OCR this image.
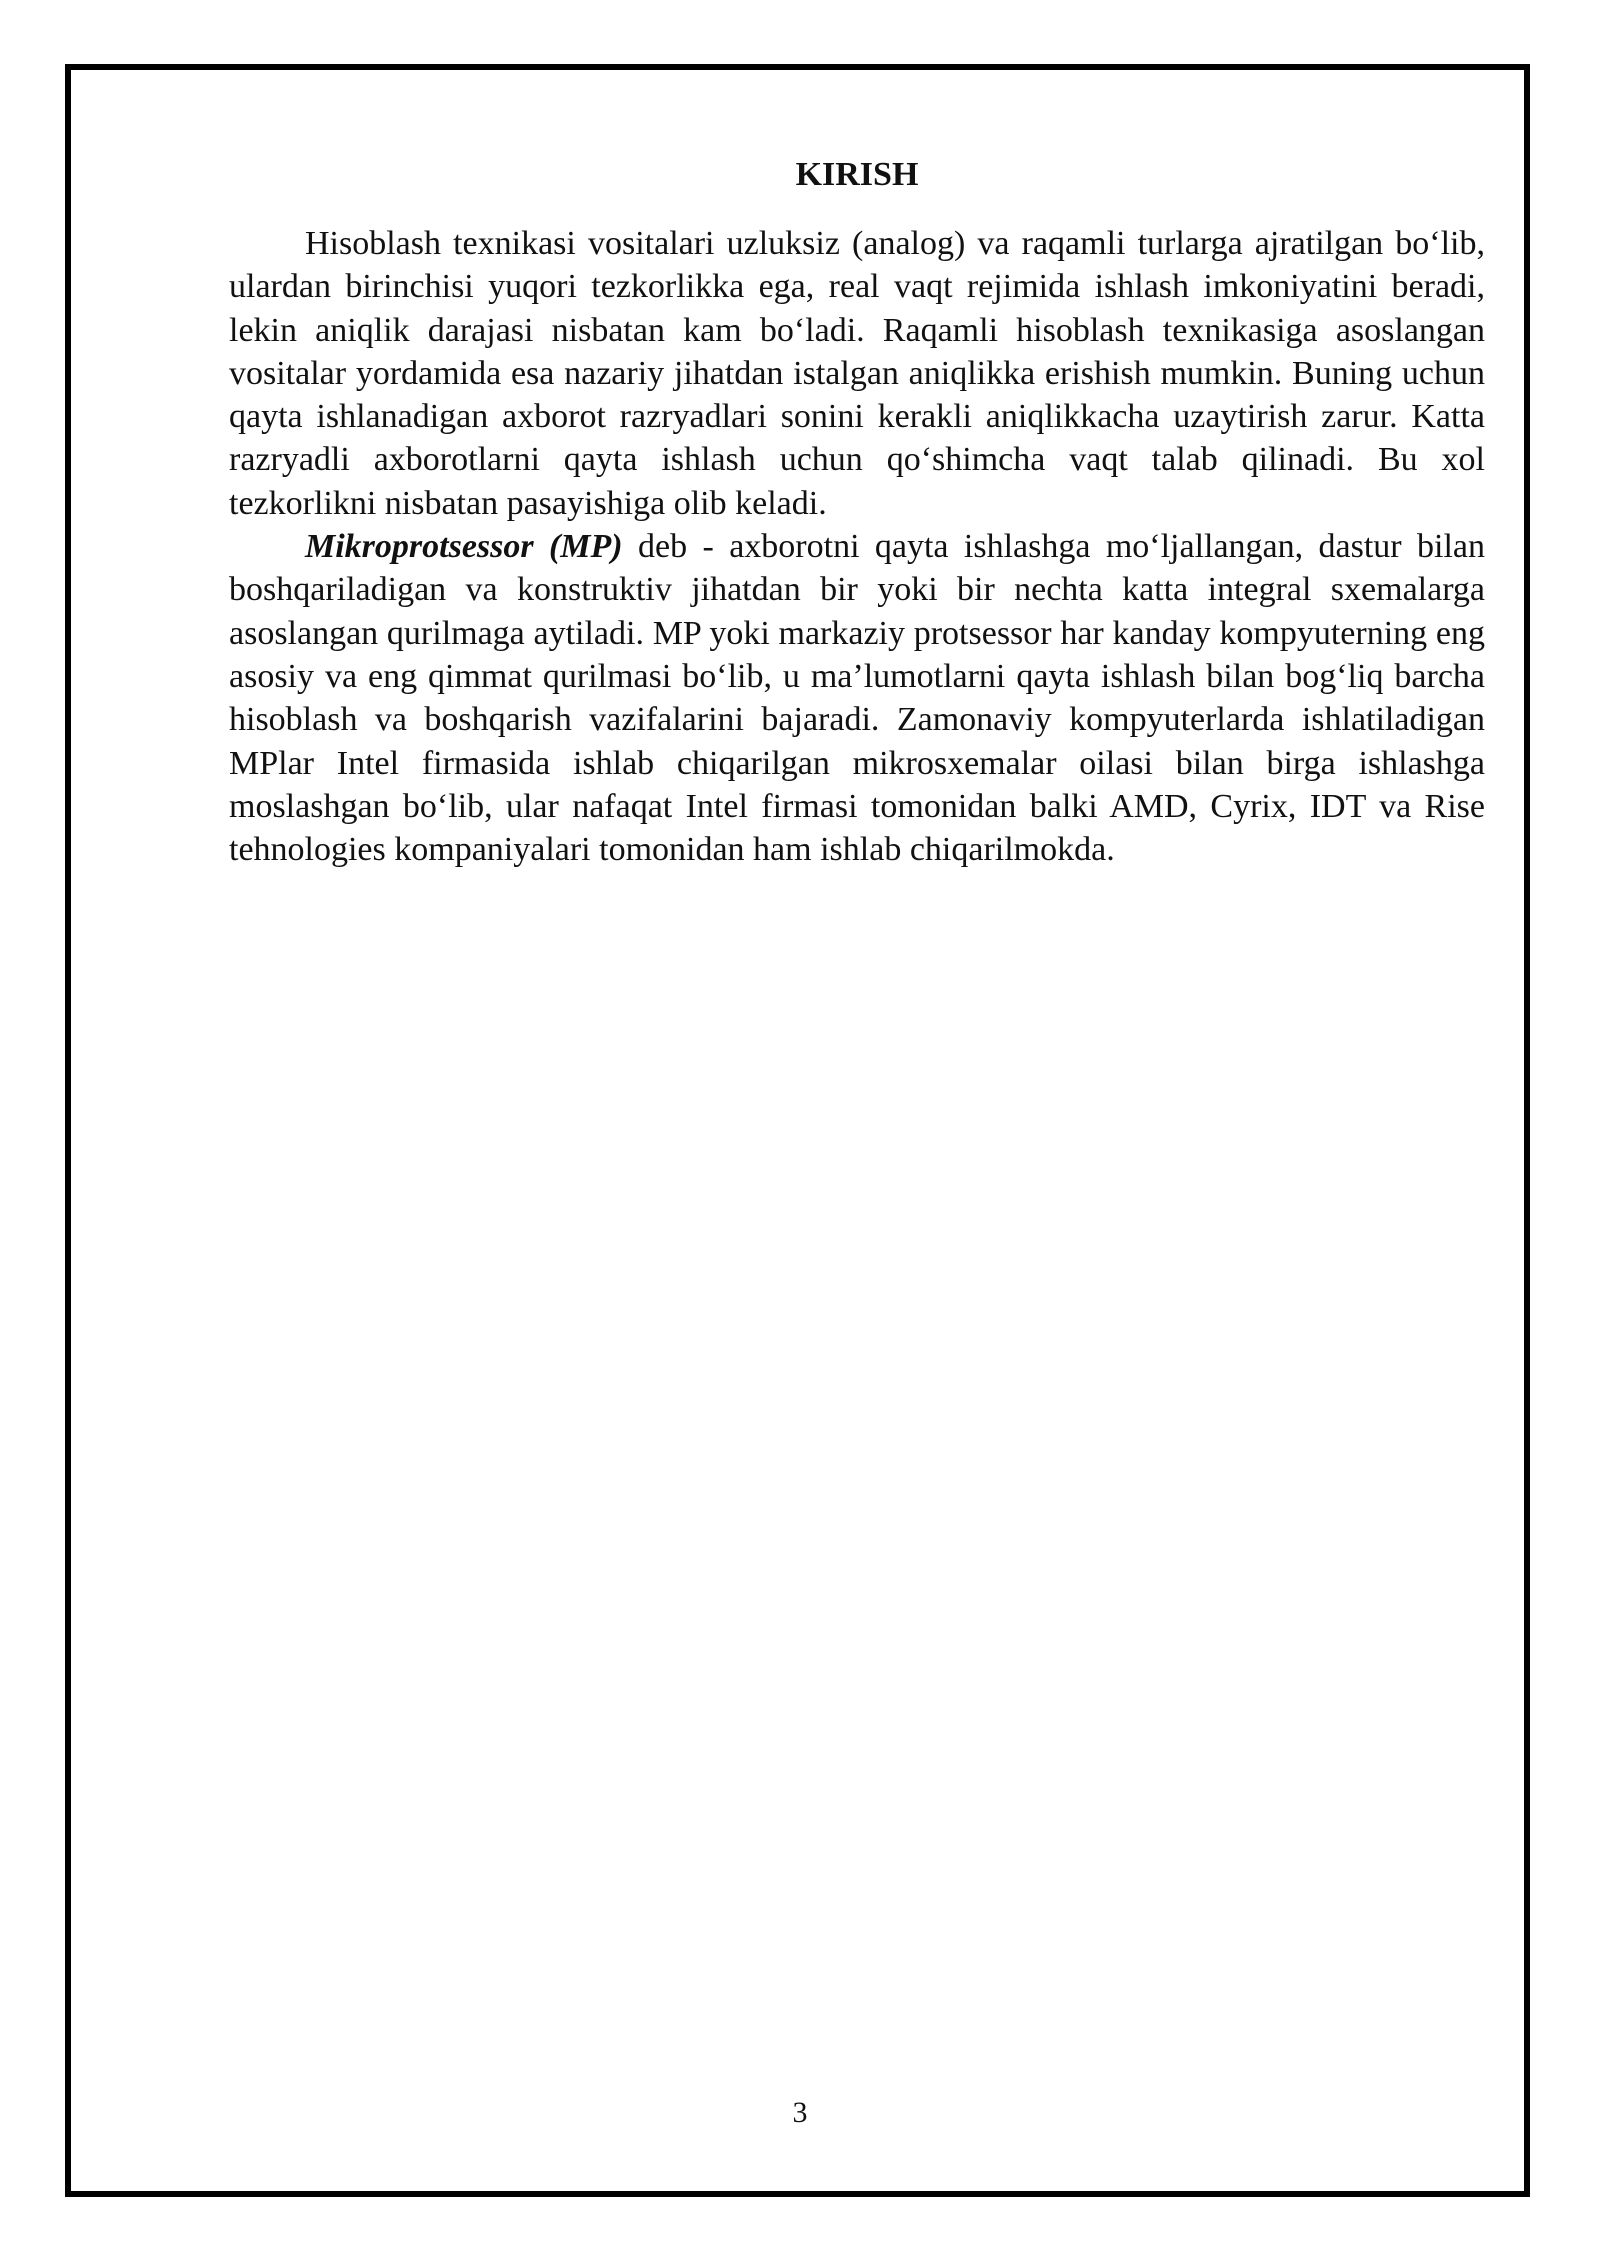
KIRISH

Hisoblash texnikasi vositalari uzluksiz (analog) va raqamli turlarga ajratilgan bo‘lib, ulardan birinchisi yuqori tezkorlikka ega, real vaqt rejimida ishlash imkoniyatini beradi, lekin aniqlik darajasi nisbatan kam bo‘ladi. Raqamli hisoblash texnikasiga asoslangan vositalar yordamida esa nazariy jihatdan istalgan aniqlikka erishish mumkin. Buning uchun qayta ishlanadigan axborot razryadlari sonini kerakli aniqlikkacha uzaytirish zarur. Katta razryadli axborotlarni qayta ishlash uchun qo‘shimcha vaqt talab qilinadi. Bu xol tezkorlikni nisbatan pasayishiga olib keladi.

Mikroprotsessor (MP) deb - axborotni qayta ishlashga mo‘ljallangan, dastur bilan boshqariladigan va konstruktiv jihatdan bir yoki bir nechta katta integral sxemalarga asoslangan qurilmaga aytiladi. MP yoki markaziy protsessor har kanday kompyuterning eng asosiy va eng qimmat qurilmasi bo‘lib, u ma’lumotlarni qayta ishlash bilan bog‘liq barcha hisoblash va boshqarish vazifalarini bajaradi. Zamonaviy kompyuterlarda ishlatiladigan MPlar Intel firmasida ishlab chiqarilgan mikrosxemalar oilasi bilan birga ishlashga moslashgan bo‘lib, ular nafaqat Intel firmasi tomonidan balki AMD, Cyrix, IDT va Rise tehnologies kompaniyalari tomonidan ham ishlab chiqarilmokda.

3
